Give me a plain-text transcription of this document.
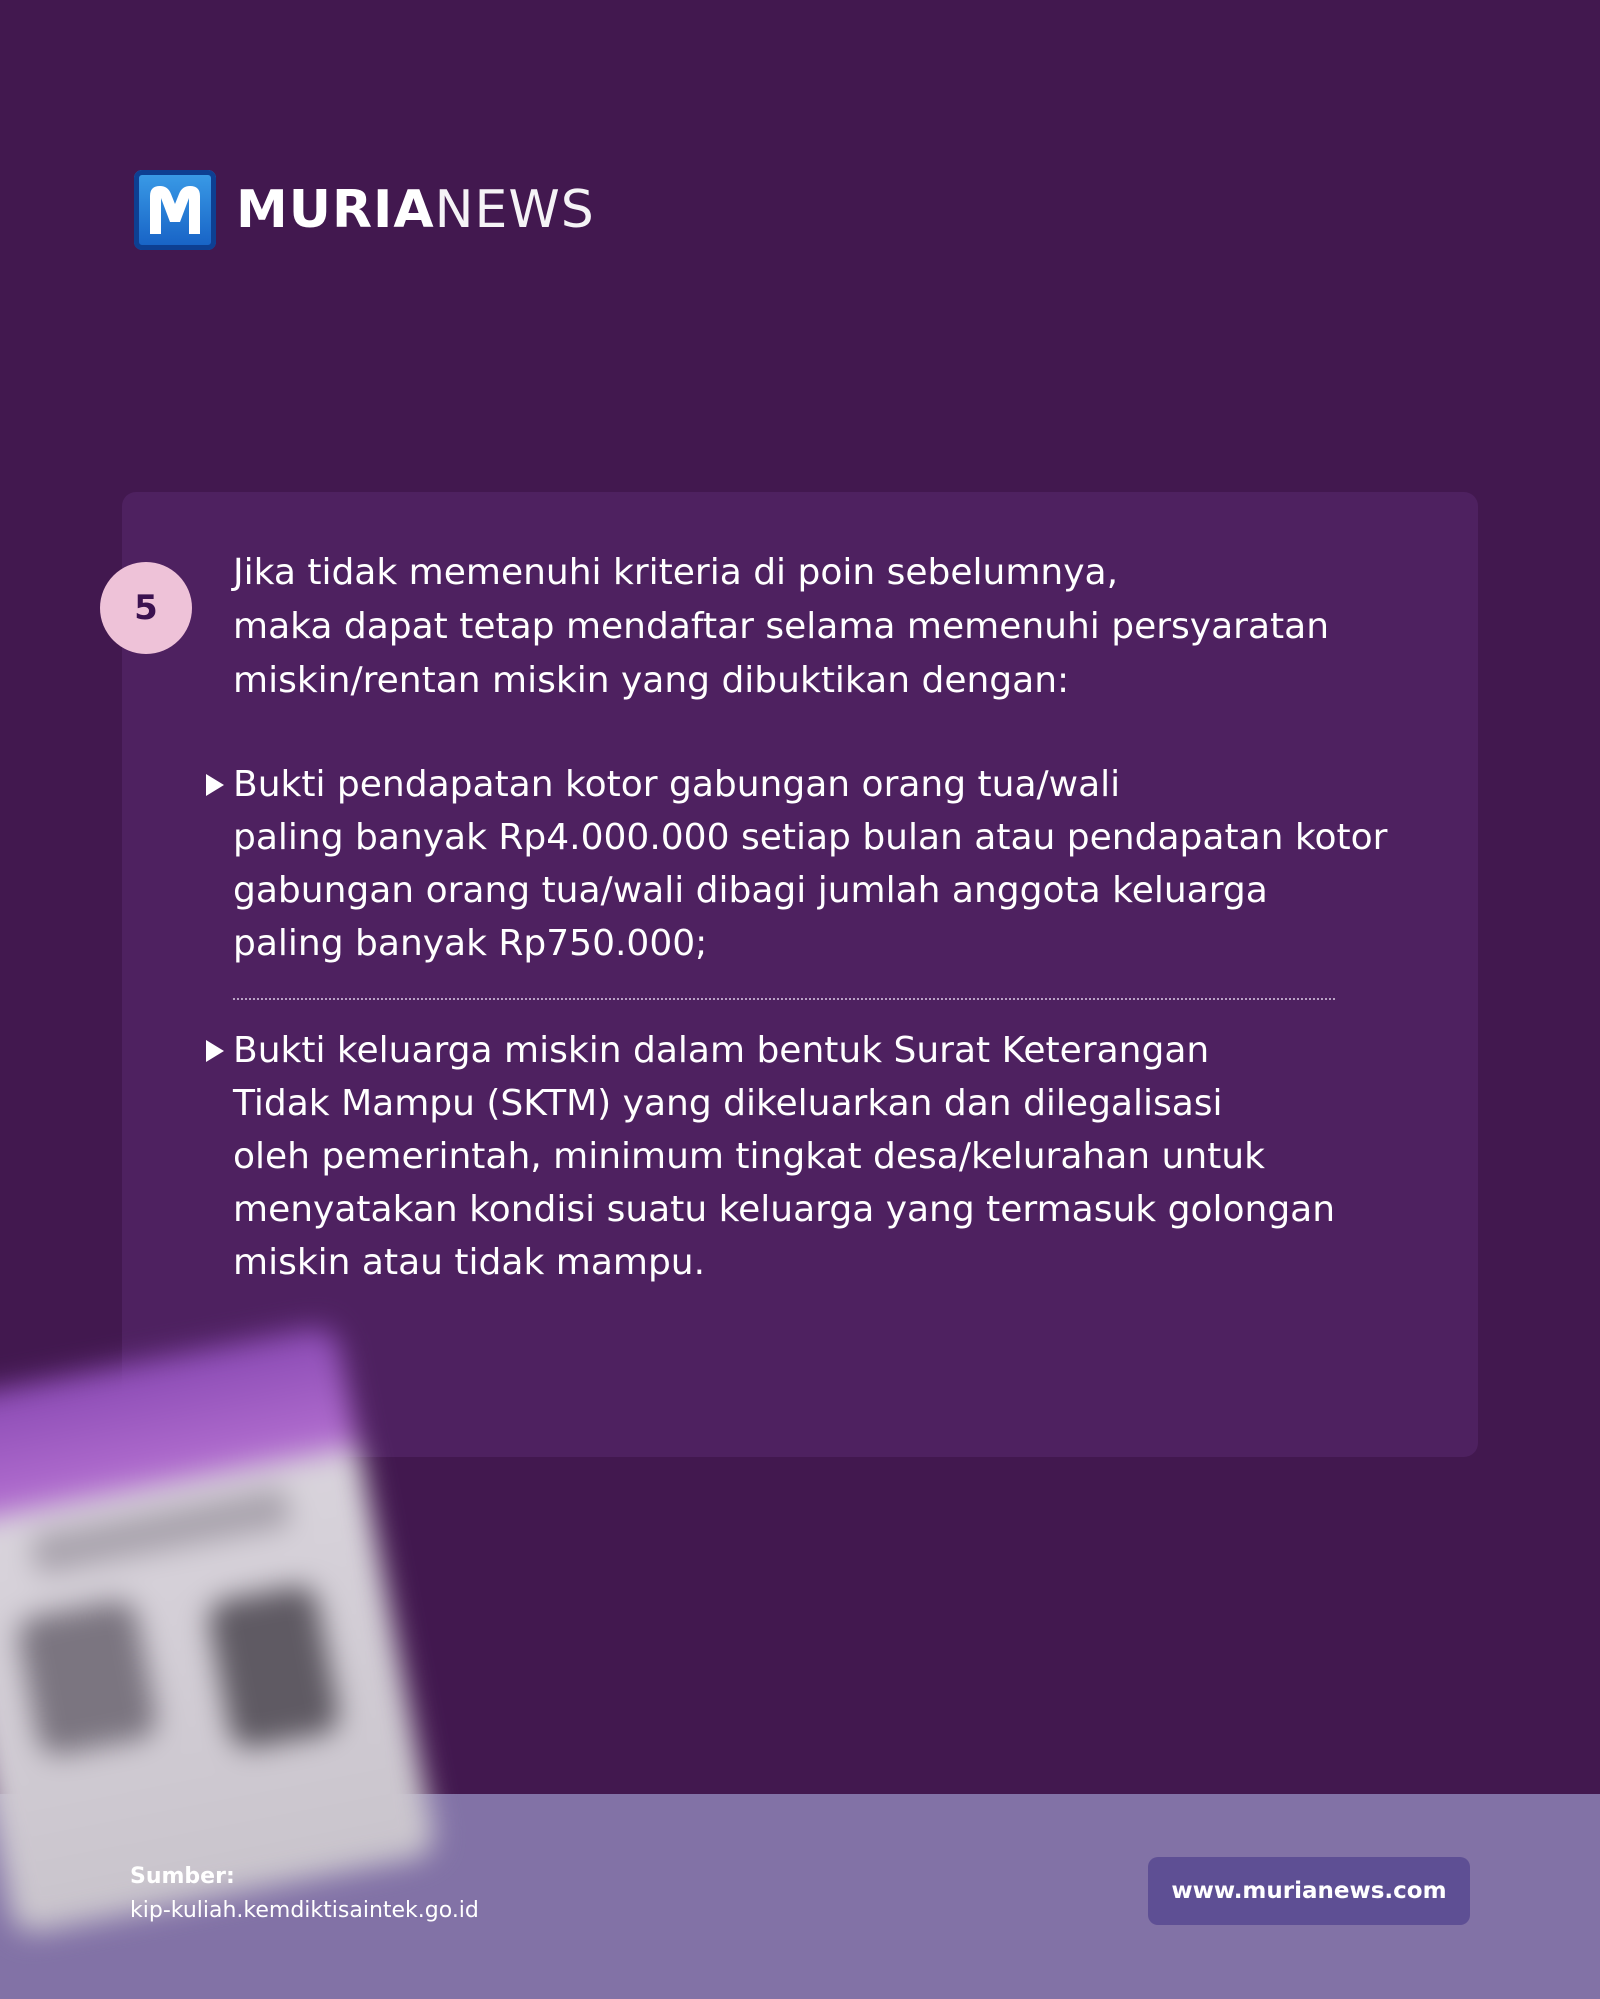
MURIA NEWS
5
Jika tidak memenuhi kriteria di poin sebelumnya,
maka dapat tetap mendaftar selama memenuhi persyaratan
miskin/rentan miskin yang dibuktikan dengan:
Bukti pendapatan kotor gabungan orang tua/wali
paling banyak Rp4.000.000 setiap bulan atau pendapatan kotor
gabungan orang tua/wali dibagi jumlah anggota keluarga
paling banyak Rp750.000;
Bukti keluarga miskin dalam bentuk Surat Keterangan
Tidak Mampu (SKTM) yang dikeluarkan dan dilegalisasi
oleh pemerintah, minimum tingkat desa/kelurahan untuk
menyatakan kondisi suatu keluarga yang termasuk golongan
miskin atau tidak mampu.
Sumber:
kip-kuliah.kemdiktisaintek.go.id
www.murianews.com
